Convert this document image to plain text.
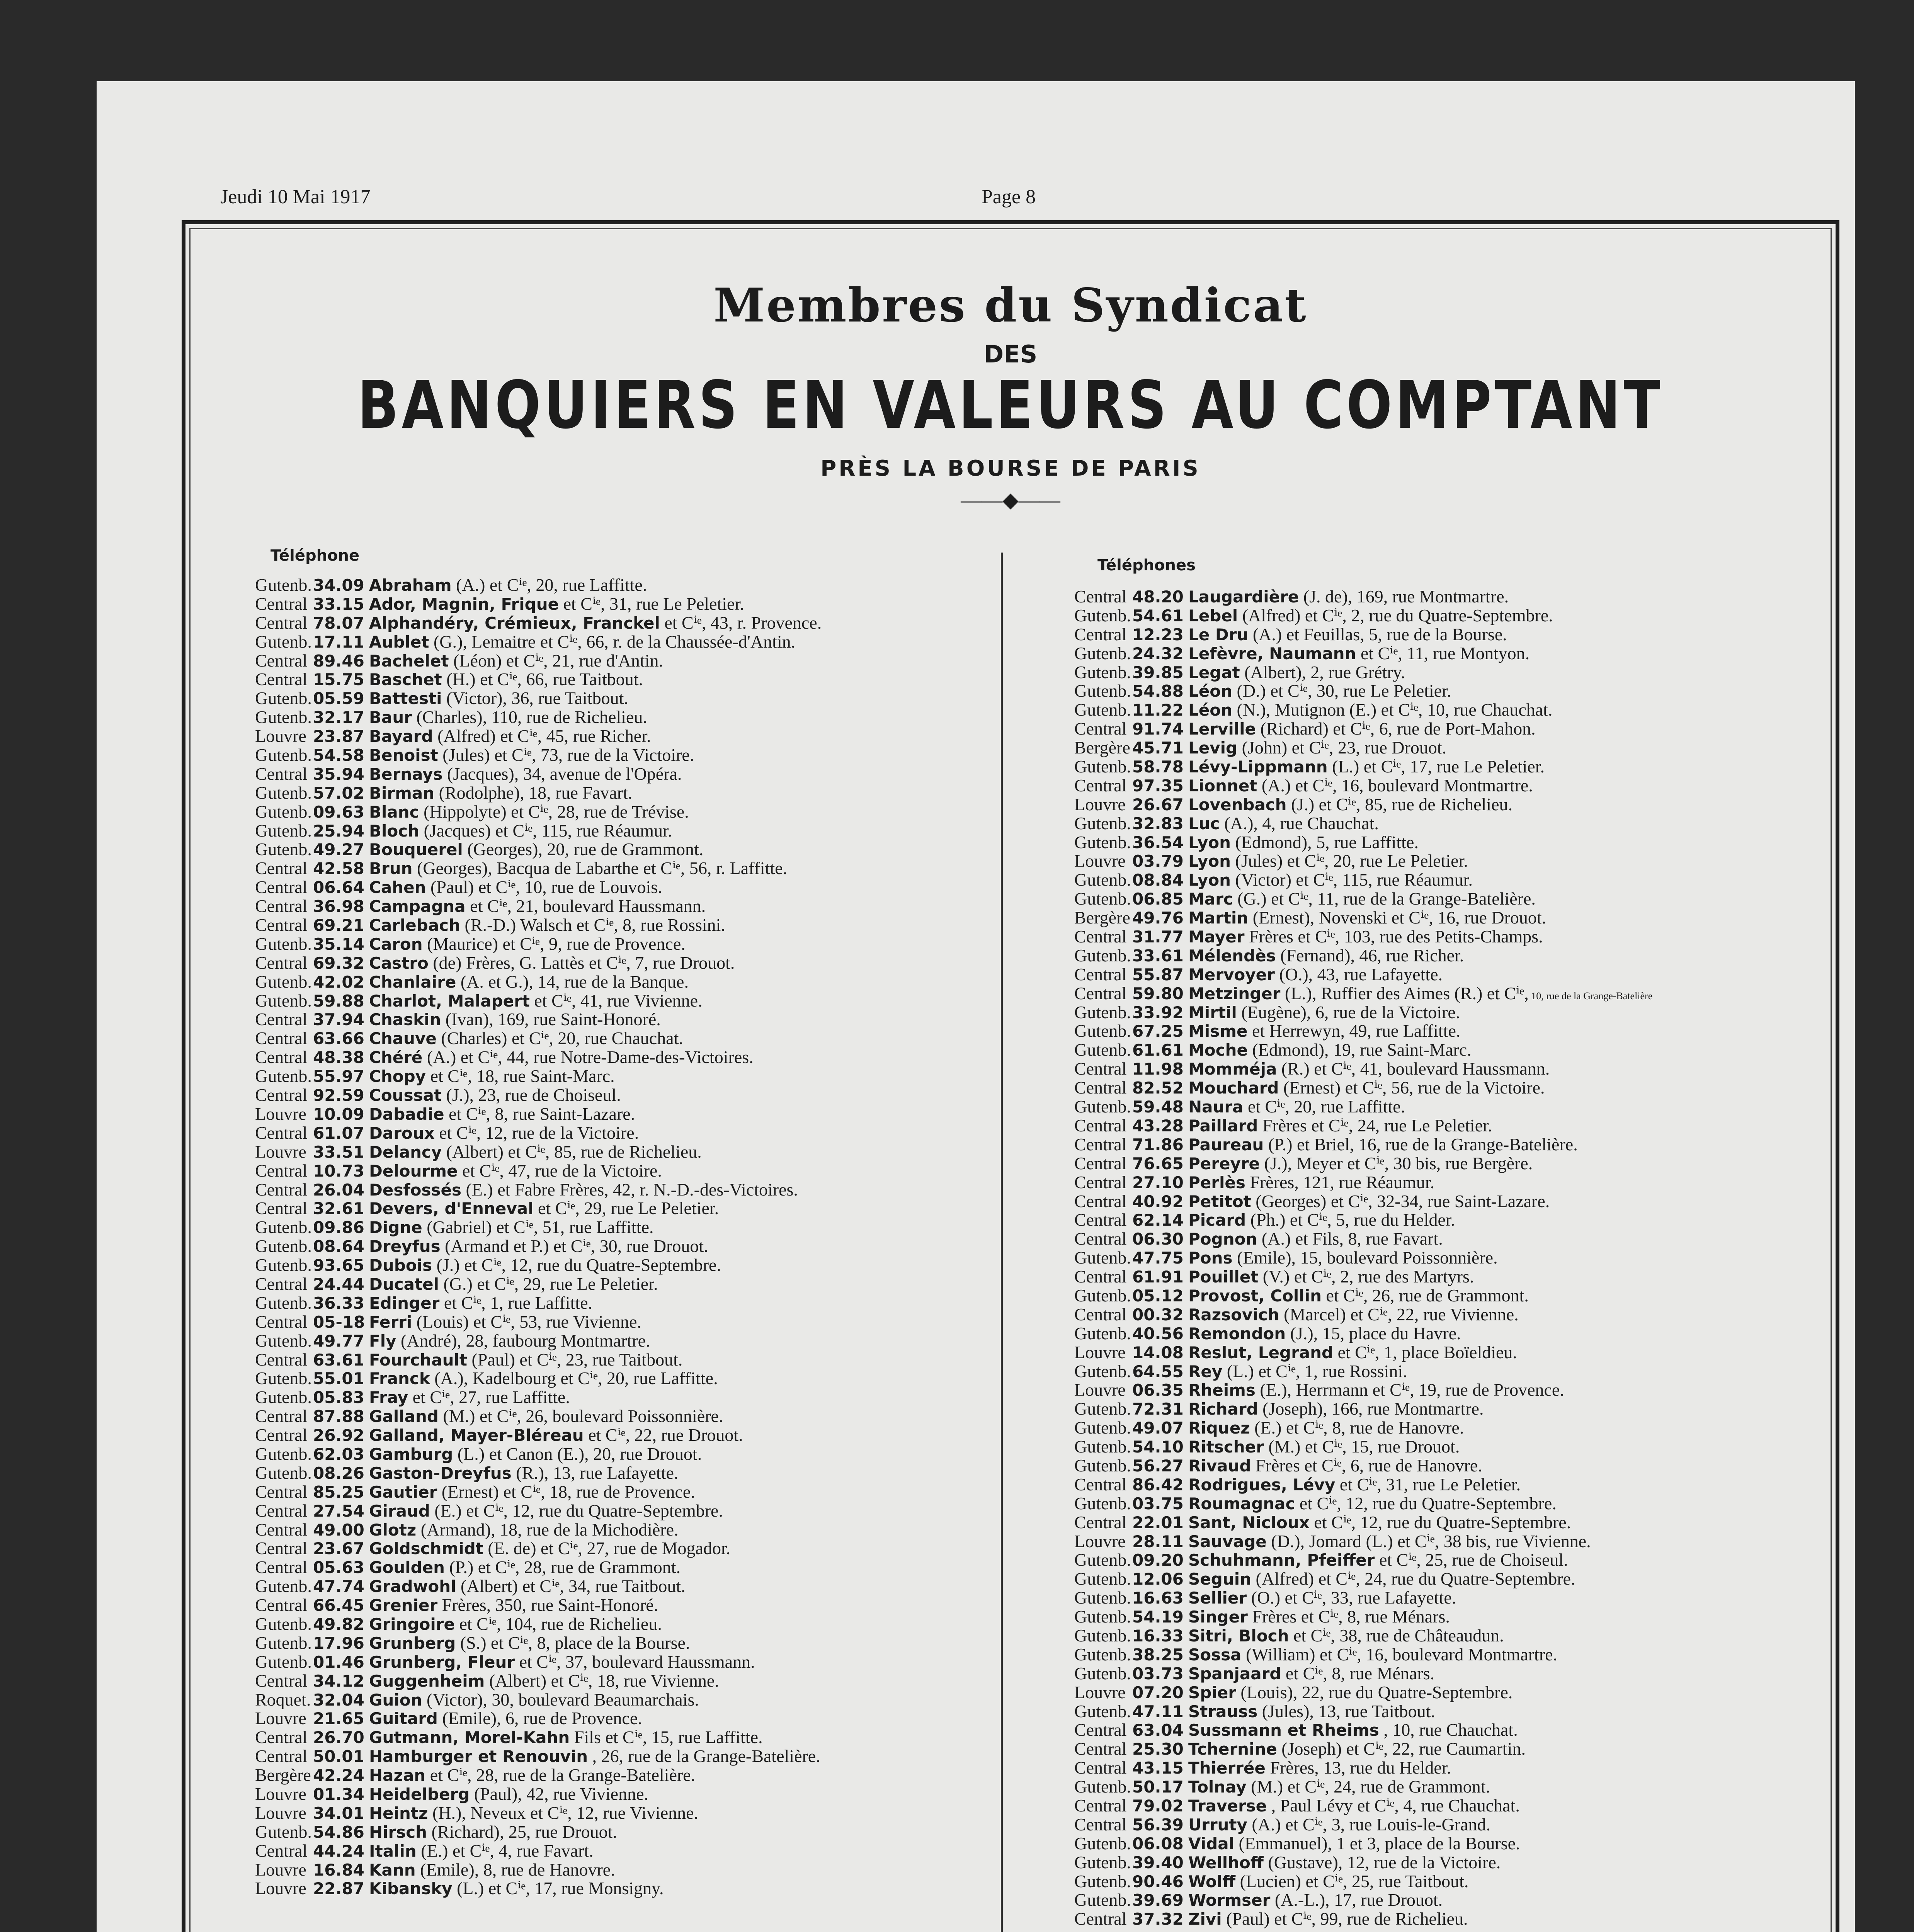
Jeudi 10 Mai 1917	Page 8
Membres du Syndicat
DES
BANQUIERS EN VALEURS AU COMPTANT
PRÈS LA BOURSE DE PARIS
——◆——
Téléphone
Téléphones
Gutenb.34.09 Abraham (A.) et Cⁱᵉ, 20, rue Laffitte.
Central 33.15 Ador, Magnin, Frique et Cⁱᵉ, 31, rue Le Peletier.
Central 78.07 Alphandéry, Crémieux, Franckel et Cⁱᵉ, 43, r. Provence.
Gutenb.17.11 Aublet (G.), Lemaitre et Cⁱᵉ, 66, r. de la Chaussée-d'Antin.
Central 89.46 Bachelet (Léon) et Cⁱᵉ, 21, rue d'Antin.
Central 15.75 Baschet (H.) et Cⁱᵉ, 66, rue Taitbout.
Gutenb.05.59 Battesti (Victor), 36, rue Taitbout.
Gutenb.32.17 Baur (Charles), 110, rue de Richelieu.
Louvre 23.87 Bayard (Alfred) et Cⁱᵉ, 45, rue Richer.
Gutenb.54.58 Benoist (Jules) et Cⁱᵉ, 73, rue de la Victoire.
Central 35.94 Bernays (Jacques), 34, avenue de l'Opéra.
Gutenb.57.02 Birman (Rodolphe), 18, rue Favart.
Gutenb.09.63 Blanc (Hippolyte) et Cⁱᵉ, 28, rue de Trévise.
Gutenb.25.94 Bloch (Jacques) et Cⁱᵉ, 115, rue Réaumur.
Gutenb.49.27 Bouquerel (Georges), 20, rue de Grammont.
Central 42.58 Brun (Georges), Bacqua de Labarthe et Cⁱᵉ, 56, r. Laffitte.
Central 06.64 Cahen (Paul) et Cⁱᵉ, 10, rue de Louvois.
Central 36.98 Campagna et Cⁱᵉ, 21, boulevard Haussmann.
Central 69.21 Carlebach (R.-D.) Walsch et Cⁱᵉ, 8, rue Rossini.
Gutenb.35.14 Caron (Maurice) et Cⁱᵉ, 9, rue de Provence.
Central 69.32 Castro (de) Frères, G. Lattès et Cⁱᵉ, 7, rue Drouot.
Gutenb.42.02 Chanlaire (A. et G.), 14, rue de la Banque.
Gutenb.59.88 Charlot, Malapert et Cⁱᵉ, 41, rue Vivienne.
Central 37.94 Chaskin (Ivan), 169, rue Saint-Honoré.
Central 63.66 Chauve (Charles) et Cⁱᵉ, 20, rue Chauchat.
Central 48.38 Chéré (A.) et Cⁱᵉ, 44, rue Notre-Dame-des-Victoires.
Gutenb.55.97 Chopy et Cⁱᵉ, 18, rue Saint-Marc.
Central 92.59 Coussat (J.), 23, rue de Choiseul.
Louvre 10.09 Dabadie et Cⁱᵉ, 8, rue Saint-Lazare.
Central 61.07 Daroux et Cⁱᵉ, 12, rue de la Victoire.
Louvre 33.51 Delancy (Albert) et Cⁱᵉ, 85, rue de Richelieu.
Central 10.73 Delourme et Cⁱᵉ, 47, rue de la Victoire.
Central 26.04 Desfossés (E.) et Fabre Frères, 42, r. N.-D.-des-Victoires.
Central 32.61 Devers, d'Enneval et Cⁱᵉ, 29, rue Le Peletier.
Gutenb.09.86 Digne (Gabriel) et Cⁱᵉ, 51, rue Laffitte.
Gutenb.08.64 Dreyfus (Armand et P.) et Cⁱᵉ, 30, rue Drouot.
Gutenb.93.65 Dubois (J.) et Cⁱᵉ, 12, rue du Quatre-Septembre.
Central 24.44 Ducatel (G.) et Cⁱᵉ, 29, rue Le Peletier.
Gutenb.36.33 Edinger et Cⁱᵉ, 1, rue Laffitte.
Central 05-18 Ferri (Louis) et Cⁱᵉ, 53, rue Vivienne.
Gutenb.49.77 Fly (André), 28, faubourg Montmartre.
Central 63.61 Fourchault (Paul) et Cⁱᵉ, 23, rue Taitbout.
Gutenb.55.01 Franck (A.), Kadelbourg et Cⁱᵉ, 20, rue Laffitte.
Gutenb.05.83 Fray et Cⁱᵉ, 27, rue Laffitte.
Central 87.88 Galland (M.) et Cⁱᵉ, 26, boulevard Poissonnière.
Central 26.92 Galland, Mayer-Bléreau et Cⁱᵉ, 22, rue Drouot.
Gutenb.62.03 Gamburg (L.) et Canon (E.), 20, rue Drouot.
Gutenb.08.26 Gaston-Dreyfus (R.), 13, rue Lafayette.
Central 85.25 Gautier (Ernest) et Cⁱᵉ, 18, rue de Provence.
Central 27.54 Giraud (E.) et Cⁱᵉ, 12, rue du Quatre-Septembre.
Central 49.00 Glotz (Armand), 18, rue de la Michodière.
Central 23.67 Goldschmidt (E. de) et Cⁱᵉ, 27, rue de Mogador.
Central 05.63 Goulden (P.) et Cⁱᵉ, 28, rue de Grammont.
Gutenb.47.74 Gradwohl (Albert) et Cⁱᵉ, 34, rue Taitbout.
Central 66.45 Grenier Frères, 350, rue Saint-Honoré.
Gutenb.49.82 Gringoire et Cⁱᵉ, 104, rue de Richelieu.
Gutenb.17.96 Grunberg (S.) et Cⁱᵉ, 8, place de la Bourse.
Gutenb.01.46 Grunberg, Fleur et Cⁱᵉ, 37, boulevard Haussmann.
Central 34.12 Guggenheim (Albert) et Cⁱᵉ, 18, rue Vivienne.
Roquet. 32.04 Guion (Victor), 30, boulevard Beaumarchais.
Louvre 21.65 Guitard (Emile), 6, rue de Provence.
Central 26.70 Gutmann, Morel-Kahn Fils et Cⁱᵉ, 15, rue Laffitte.
Central 50.01 Hamburger et Renouvin , 26, rue de la Grange-Batelière.
Bergère 42.24 Hazan et Cⁱᵉ, 28, rue de la Grange-Batelière.
Louvre 01.34 Heidelberg (Paul), 42, rue Vivienne.
Louvre 34.01 Heintz (H.), Neveux et Cⁱᵉ, 12, rue Vivienne.
Gutenb.54.86 Hirsch (Richard), 25, rue Drouot.
Central 44.24 Italin (E.) et Cⁱᵉ, 4, rue Favart.
Louvre 16.84 Kann (Emile), 8, rue de Hanovre.
Louvre 22.87 Kibansky (L.) et Cⁱᵉ, 17, rue Monsigny.
Central 48.20 Laugardière (J. de), 169, rue Montmartre.
Gutenb.54.61 Lebel (Alfred) et Cⁱᵉ, 2, rue du Quatre-Septembre.
Central 12.23 Le Dru (A.) et Feuillas, 5, rue de la Bourse.
Gutenb.24.32 Lefèvre, Naumann et Cⁱᵉ, 11, rue Montyon.
Gutenb.39.85 Legat (Albert), 2, rue Grétry.
Gutenb.54.88 Léon (D.) et Cⁱᵉ, 30, rue Le Peletier.
Gutenb.11.22 Léon (N.), Mutignon (E.) et Cⁱᵉ, 10, rue Chauchat.
Central 91.74 Lerville (Richard) et Cⁱᵉ, 6, rue de Port-Mahon.
Bergère 45.71 Levig (John) et Cⁱᵉ, 23, rue Drouot.
Gutenb.58.78 Lévy-Lippmann (L.) et Cⁱᵉ, 17, rue Le Peletier.
Central 97.35 Lionnet (A.) et Cⁱᵉ, 16, boulevard Montmartre.
Louvre 26.67 Lovenbach (J.) et Cⁱᵉ, 85, rue de Richelieu.
Gutenb.32.83 Luc (A.), 4, rue Chauchat.
Gutenb.36.54 Lyon (Edmond), 5, rue Laffitte.
Louvre 03.79 Lyon (Jules) et Cⁱᵉ, 20, rue Le Peletier.
Gutenb.08.84 Lyon (Victor) et Cⁱᵉ, 115, rue Réaumur.
Gutenb.06.85 Marc (G.) et Cⁱᵉ, 11, rue de la Grange-Batelière.
Bergère 49.76 Martin (Ernest), Novenski et Cⁱᵉ, 16, rue Drouot.
Central 31.77 Mayer Frères et Cⁱᵉ, 103, rue des Petits-Champs.
Gutenb.33.61 Mélendès (Fernand), 46, rue Richer.
Central 55.87 Mervoyer (O.), 43, rue Lafayette.
Central 59.80 Metzinger (L.), Ruffier des Aimes (R.) et Cⁱᵉ, 10, rue de la Grange-Batelière
Gutenb.33.92 Mirtil (Eugène), 6, rue de la Victoire.
Gutenb.67.25 Misme et Herrewyn, 49, rue Laffitte.
Gutenb.61.61 Moche (Edmond), 19, rue Saint-Marc.
Central 11.98 Momméja (R.) et Cⁱᵉ, 41, boulevard Haussmann.
Central 82.52 Mouchard (Ernest) et Cⁱᵉ, 56, rue de la Victoire.
Gutenb.59.48 Naura et Cⁱᵉ, 20, rue Laffitte.
Central 43.28 Paillard Frères et Cⁱᵉ, 24, rue Le Peletier.
Central 71.86 Paureau (P.) et Briel, 16, rue de la Grange-Batelière.
Central 76.65 Pereyre (J.), Meyer et Cⁱᵉ, 30 bis, rue Bergère.
Central 27.10 Perlès Frères, 121, rue Réaumur.
Central 40.92 Petitot (Georges) et Cⁱᵉ, 32-34, rue Saint-Lazare.
Central 62.14 Picard (Ph.) et Cⁱᵉ, 5, rue du Helder.
Central 06.30 Pognon (A.) et Fils, 8, rue Favart.
Gutenb.47.75 Pons (Emile), 15, boulevard Poissonnière.
Central 61.91 Pouillet (V.) et Cⁱᵉ, 2, rue des Martyrs.
Gutenb.05.12 Provost, Collin et Cⁱᵉ, 26, rue de Grammont.
Central 00.32 Razsovich (Marcel) et Cⁱᵉ, 22, rue Vivienne.
Gutenb.40.56 Remondon (J.), 15, place du Havre.
Louvre 14.08 Reslut, Legrand et Cⁱᵉ, 1, place Boïeldieu.
Gutenb.64.55 Rey (L.) et Cⁱᵉ, 1, rue Rossini.
Louvre 06.35 Rheims (E.), Herrmann et Cⁱᵉ, 19, rue de Provence.
Gutenb.72.31 Richard (Joseph), 166, rue Montmartre.
Gutenb.49.07 Riquez (E.) et Cⁱᵉ, 8, rue de Hanovre.
Gutenb.54.10 Ritscher (M.) et Cⁱᵉ, 15, rue Drouot.
Gutenb.56.27 Rivaud Frères et Cⁱᵉ, 6, rue de Hanovre.
Central 86.42 Rodrigues, Lévy et Cⁱᵉ, 31, rue Le Peletier.
Gutenb.03.75 Roumagnac et Cⁱᵉ, 12, rue du Quatre-Septembre.
Central 22.01 Sant, Nicloux et Cⁱᵉ, 12, rue du Quatre-Septembre.
Louvre 28.11 Sauvage (D.), Jomard (L.) et Cⁱᵉ, 38 bis, rue Vivienne.
Gutenb.09.20 Schuhmann, Pfeiffer et Cⁱᵉ, 25, rue de Choiseul.
Gutenb.12.06 Seguin (Alfred) et Cⁱᵉ, 24, rue du Quatre-Septembre.
Gutenb.16.63 Sellier (O.) et Cⁱᵉ, 33, rue Lafayette.
Gutenb.54.19 Singer Frères et Cⁱᵉ, 8, rue Ménars.
Gutenb.16.33 Sitri, Bloch et Cⁱᵉ, 38, rue de Châteaudun.
Gutenb.38.25 Sossa (William) et Cⁱᵉ, 16, boulevard Montmartre.
Gutenb.03.73 Spanjaard et Cⁱᵉ, 8, rue Ménars.
Louvre 07.20 Spier (Louis), 22, rue du Quatre-Septembre.
Gutenb.47.11 Strauss (Jules), 13, rue Taitbout.
Central 63.04 Sussmann et Rheims , 10, rue Chauchat.
Central 25.30 Tchernine (Joseph) et Cⁱᵉ, 22, rue Caumartin.
Central 43.15 Thierrée Frères, 13, rue du Helder.
Gutenb.50.17 Tolnay (M.) et Cⁱᵉ, 24, rue de Grammont.
Central 79.02 Traverse , Paul Lévy et Cⁱᵉ, 4, rue Chauchat.
Central 56.39 Urruty (A.) et Cⁱᵉ, 3, rue Louis-le-Grand.
Gutenb.06.08 Vidal (Emmanuel), 1 et 3, place de la Bourse.
Gutenb.39.40 Wellhoff (Gustave), 12, rue de la Victoire.
Gutenb.90.46 Wolff (Lucien) et Cⁱᵉ, 25, rue Taitbout.
Gutenb.39.69 Wormser (A.-L.), 17, rue Drouot.
Central 37.32 Zivi (Paul) et Cⁱᵉ, 99, rue de Richelieu.
